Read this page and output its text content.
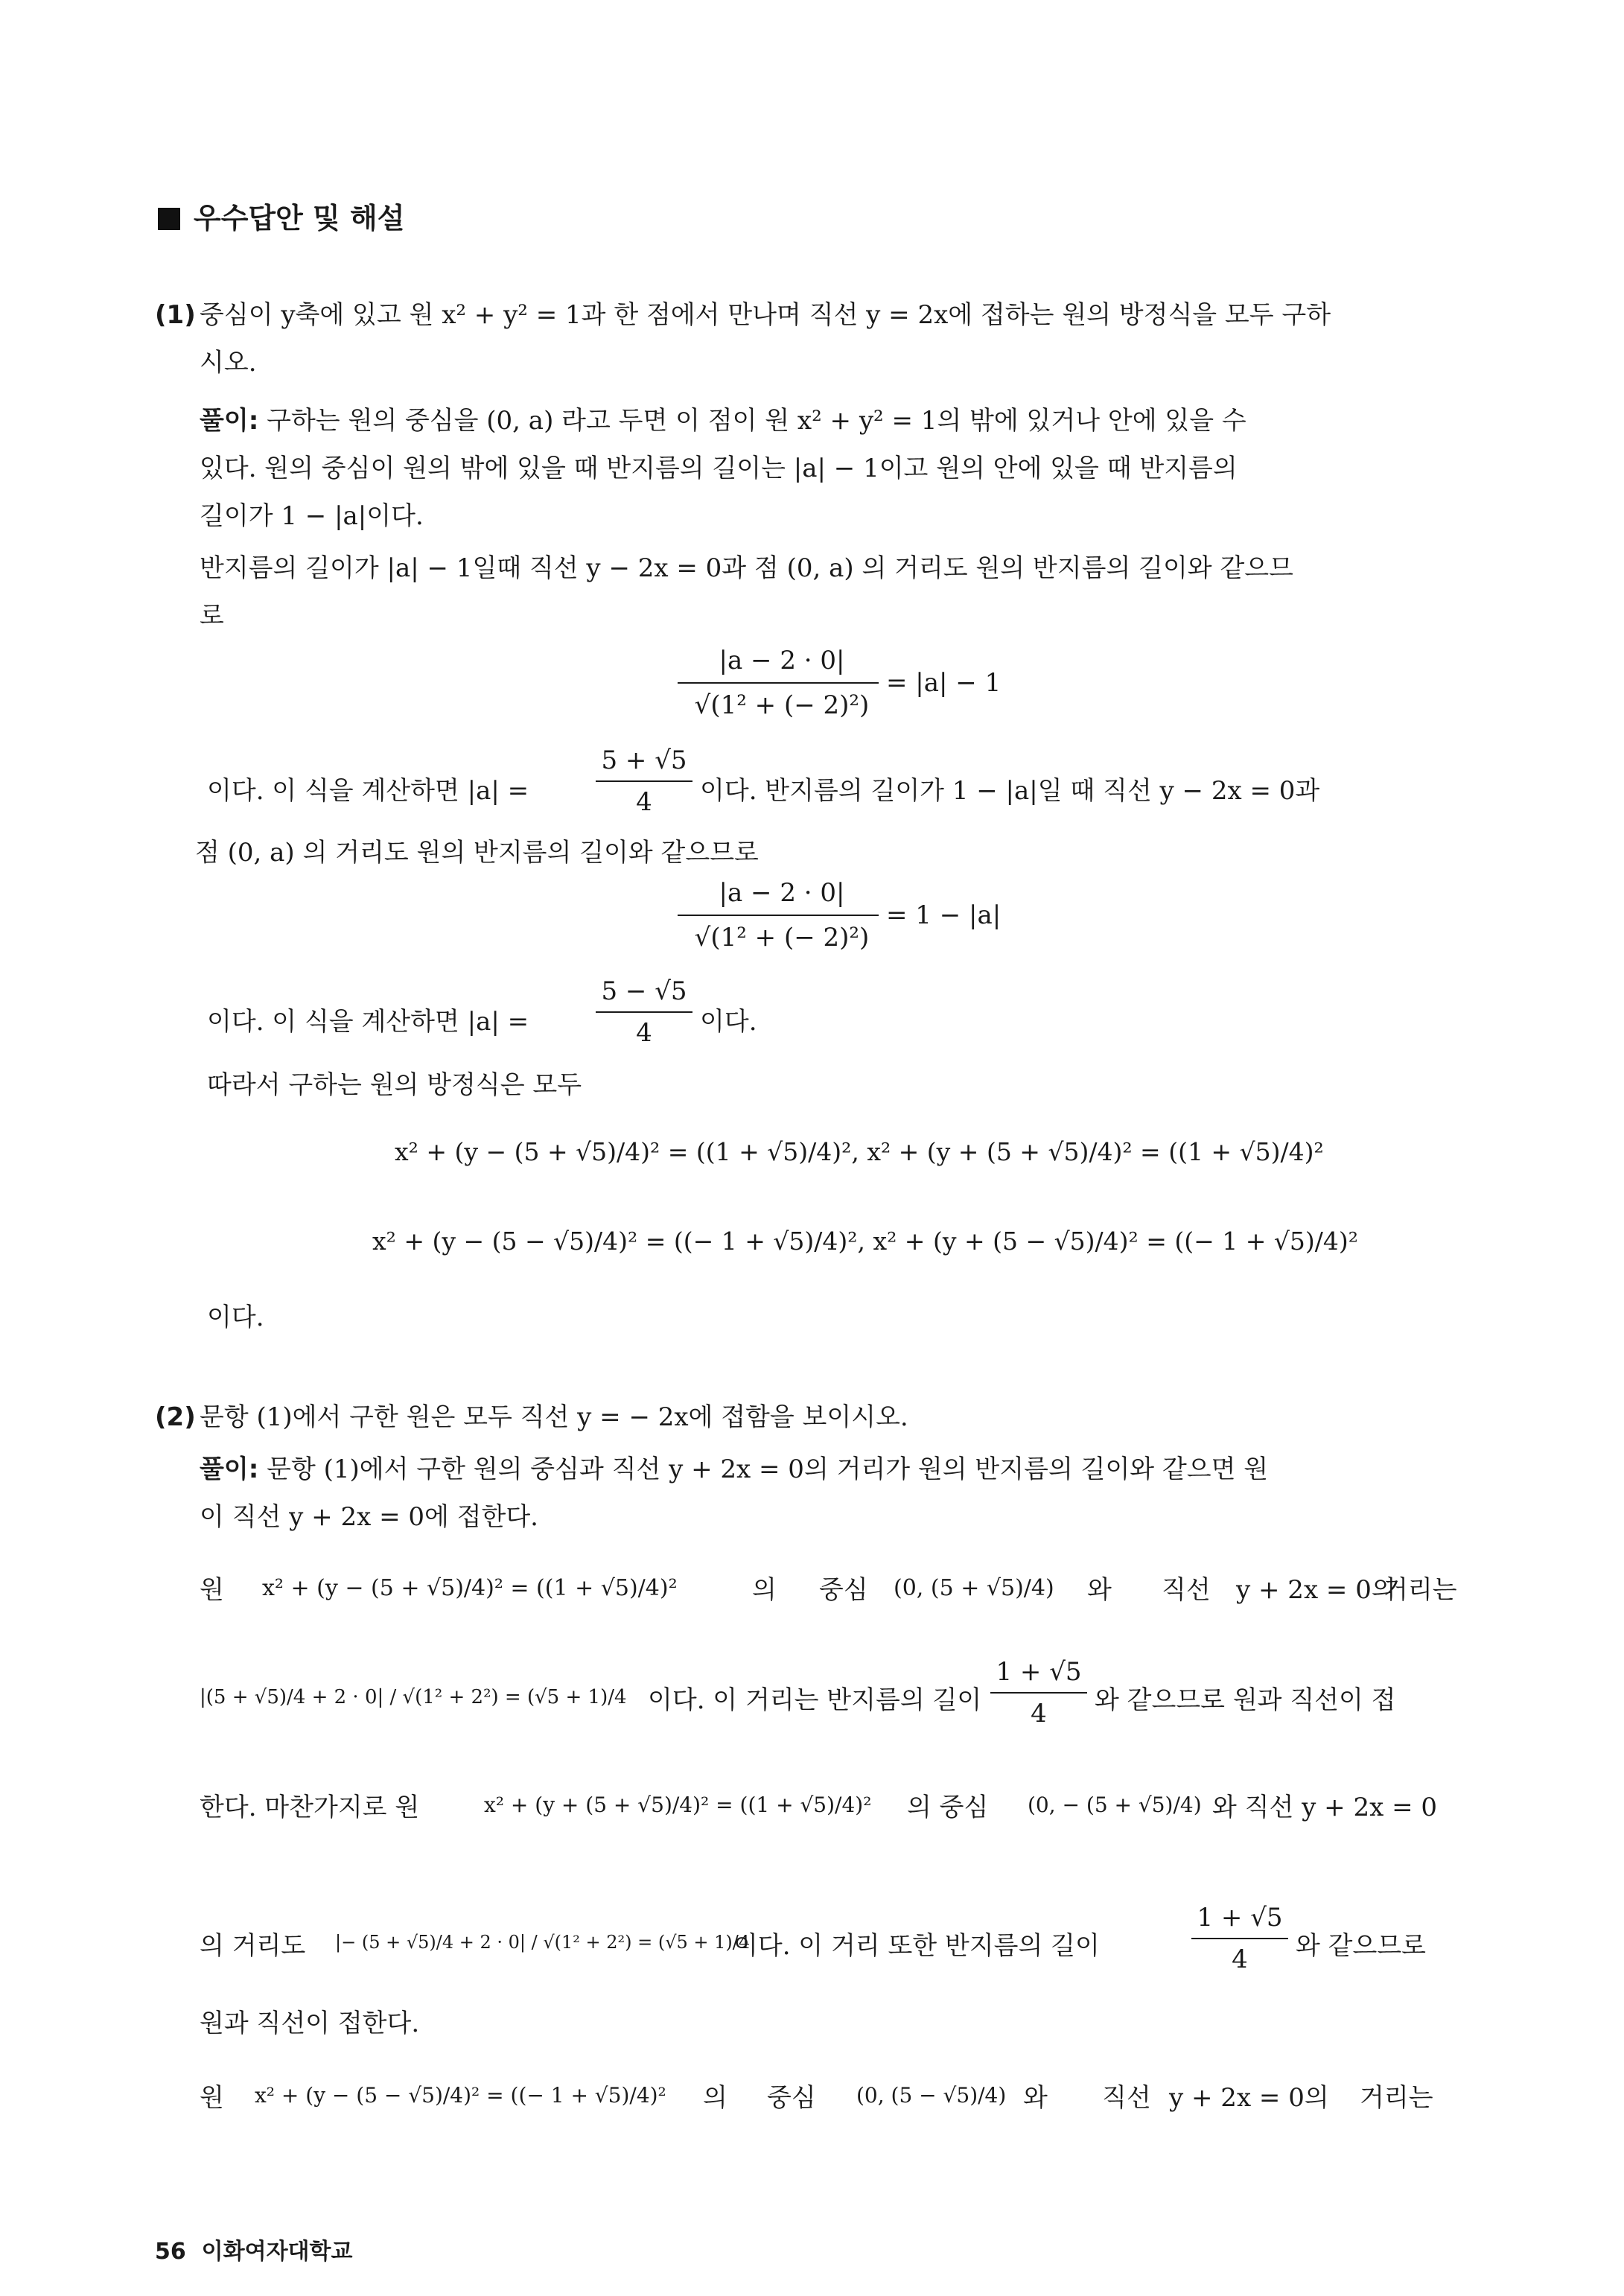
우수답안 및 해설
(1) 중심이 y축에 있고 원 x² + y² = 1과 한 점에서 만나며 직선 y = 2x에 접하는 원의 방정식을 모두 구하
시오.
풀이: 구하는 원의 중심을 (0, a) 라고 두면 이 점이 원 x² + y² = 1의 밖에 있거나 안에 있을 수
있다. 원의 중심이 원의 밖에 있을 때 반지름의 길이는 |a| − 1이고 원의 안에 있을 때 반지름의
길이가 1 − |a|이다.
반지름의 길이가 |a| − 1일때 직선 y − 2x = 0과 점 (0, a) 의 거리도 원의 반지름의 길이와 같으므
로
|a − 2 · 0|
√(1² + (− 2)²)
= |a| − 1
이다. 이 식을 계산하면 |a| =
5 + √5
4	이다. 반지름의 길이가 1 − |a|일 때 직선 y − 2x = 0과
점 (0, a) 의 거리도 원의 반지름의 길이와 같으므로
|a − 2 · 0|
√(1² + (− 2)²)
= 1 − |a|
이다. 이 식을 계산하면 |a| =
5 − √5
4	이다.
따라서 구하는 원의 방정식은 모두
x² + (y − (5 + √5)/4)² = ((1 + √5)/4)², x² + (y + (5 + √5)/4)² = ((1 + √5)/4)²
x² + (y − (5 − √5)/4)² = ((− 1 + √5)/4)², x² + (y + (5 − √5)/4)² = ((− 1 + √5)/4)²
이다.
(2) 문항 (1)에서 구한 원은 모두 직선 y = − 2x에 접함을 보이시오.
풀이: 문항 (1)에서 구한 원의 중심과 직선 y + 2x = 0의 거리가 원의 반지름의 길이와 같으면 원
이 직선 y + 2x = 0에 접한다.
원 x² + (y − (5 + √5)/4)² = ((1 + √5)/4)²	의 중심 (0, (5 + √5)/4) 와 직선 y + 2x = 0의
거리는
|(5 + √5)/4 + 2 · 0| / √(1² + 2²) = (√5 + 1)/4 이다. 이 거리는 반지름의 길이
1 + √5
4	와 같으므로 원과 직선이 접
한다. 마찬가지로 원	x² + (y + (5 + √5)/4)² = ((1 + √5)/4)² 의 중심 (0, − (5 + √5)/4) 와 직선 y + 2x = 0
의 거리도 |− (5 + √5)/4 + 2 · 0| / √(1² + 2²) = (√5 + 1)/4
이다. 이 거리 또한 반지름의 길이
1 + √5
4	와 같으므로
원과 직선이 접한다.
원 x² + (y − (5 − √5)/4)² = ((− 1 + √5)/4)² 의 중심 (0, (5 − √5)/4) 와 직선 y + 2x = 0의 거리는
56 이화여자대학교
